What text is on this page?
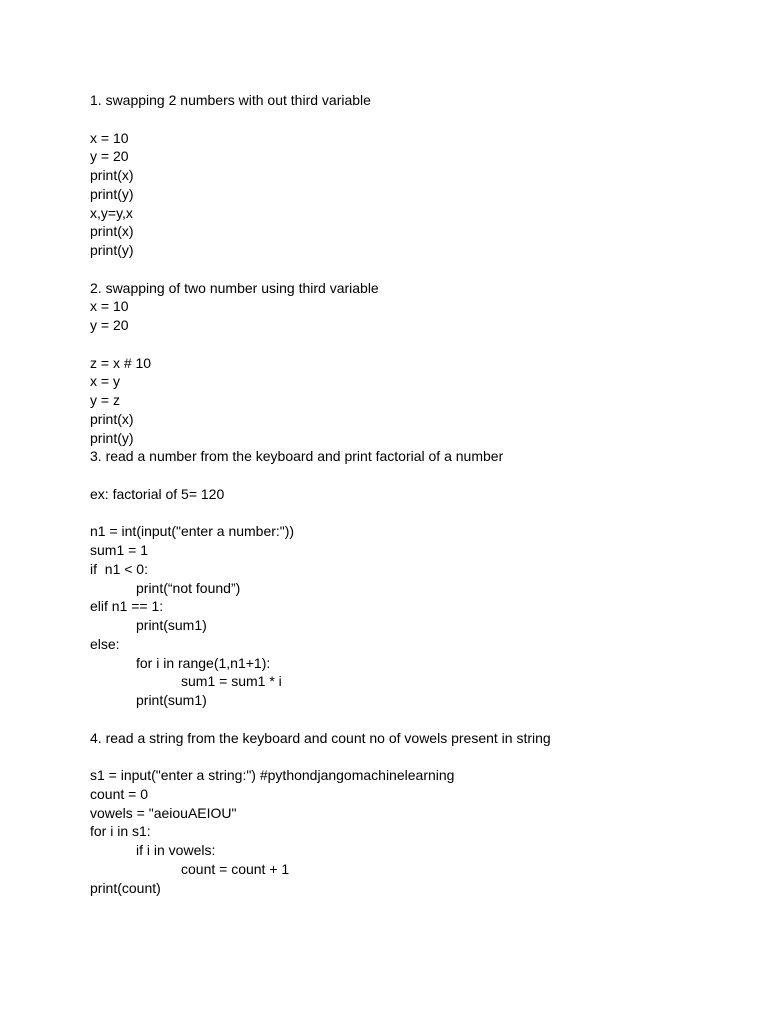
1. swapping 2 numbers with out third variable
x = 10
y = 20
print(x)
print(y)
x,y=y,x
print(x)
print(y)
2. swapping of two number using third variable
x = 10
y = 20
z = x # 10
x = y
y = z
print(x)
print(y)
3. read a number from the keyboard and print factorial of a number
ex: factorial of 5= 120
n1 = int(input("enter a number:"))
sum1 = 1
if  n1 < 0:
print(“not found”)
elif n1 == 1:
print(sum1)
else:
for i in range(1,n1+1):
sum1 = sum1 * i
print(sum1)
4. read a string from the keyboard and count no of vowels present in string
s1 = input("enter a string:") #pythondjangomachinelearning
count = 0
vowels = "aeiouAEIOU"
for i in s1:
if i in vowels:
count = count + 1
print(count)
